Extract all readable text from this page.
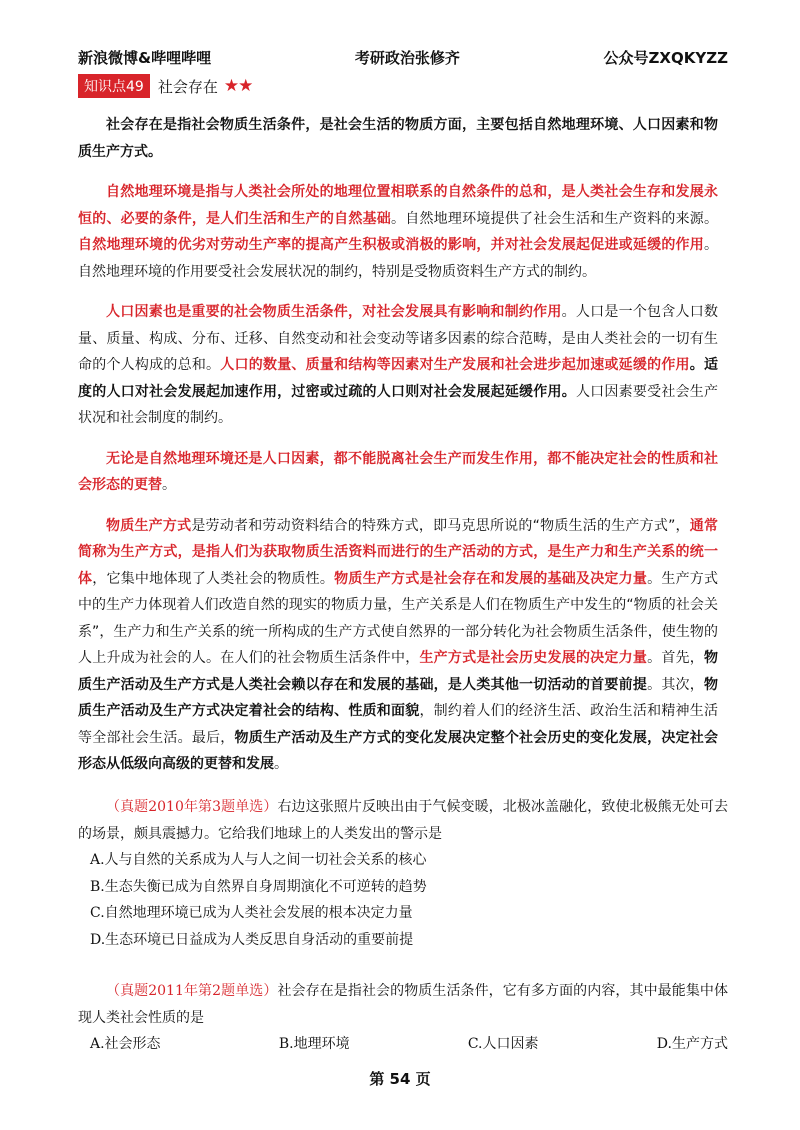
新浪微博&哔哩哔哩	考研政治张修齐	公众号ZXQKYZZ
知识点49 社会存在 ★★

社会存在是指社会物质生活条件，是社会生活的物质方面，主要包括自然地理环境、人口因素和物质生产方式。

自然地理环境是指与人类社会所处的地理位置相联系的自然条件的总和，是人类社会生存和发展永恒的、必要的条件，是人们生活和生产的自然基础。自然地理环境提供了社会生活和生产资料的来源。自然地理环境的优劣对劳动生产率的提高产生积极或消极的影响，并对社会发展起促进或延缓的作用。自然地理环境的作用要受社会发展状况的制约，特别是受物质资料生产方式的制约。

人口因素也是重要的社会物质生活条件，对社会发展具有影响和制约作用。人口是一个包含人口数量、质量、构成、分布、迁移、自然变动和社会变动等诸多因素的综合范畴，是由人类社会的一切有生命的个人构成的总和。人口的数量、质量和结构等因素对生产发展和社会进步起加速或延缓的作用。适度的人口对社会发展起加速作用，过密或过疏的人口则对社会发展起延缓作用。人口因素要受社会生产状况和社会制度的制约。

无论是自然地理环境还是人口因素，都不能脱离社会生产而发生作用，都不能决定社会的性质和社会形态的更替。

物质生产方式是劳动者和劳动资料结合的特殊方式，即马克思所说的“物质生活的生产方式”，通常简称为生产方式，是指人们为获取物质生活资料而进行的生产活动的方式，是生产力和生产关系的统一体，它集中地体现了人类社会的物质性。物质生产方式是社会存在和发展的基础及决定力量。生产方式中的生产力体现着人们改造自然的现实的物质力量，生产关系是人们在物质生产中发生的“物质的社会关系”，生产力和生产关系的统一所构成的生产方式使自然界的一部分转化为社会物质生活条件，使生物的人上升成为社会的人。在人们的社会物质生活条件中，生产方式是社会历史发展的决定力量。首先，物质生产活动及生产方式是人类社会赖以存在和发展的基础，是人类其他一切活动的首要前提。其次，物质生产活动及生产方式决定着社会的结构、性质和面貌，制约着人们的经济生活、政治生活和精神生活等全部社会生活。最后，物质生产活动及生产方式的变化发展决定整个社会历史的变化发展，决定社会形态从低级向高级的更替和发展。

（真题2010年第3题单选）右边这张照片反映出由于气候变暖，北极冰盖融化，致使北极熊无处可去的场景，颇具震撼力。它给我们地球上的人类发出的警示是

A.人与自然的关系成为人与人之间一切社会关系的核心

B.生态失衡已成为自然界自身周期演化不可逆转的趋势

C.自然地理环境已成为人类社会发展的根本决定力量

D.生态环境已日益成为人类反思自身活动的重要前提

（真题2011年第2题单选）社会存在是指社会的物质生活条件，它有多方面的内容，其中最能集中体现人类社会性质的是

A.社会形态	B.地理环境	C.人口因素	D.生产方式
第 54 页
